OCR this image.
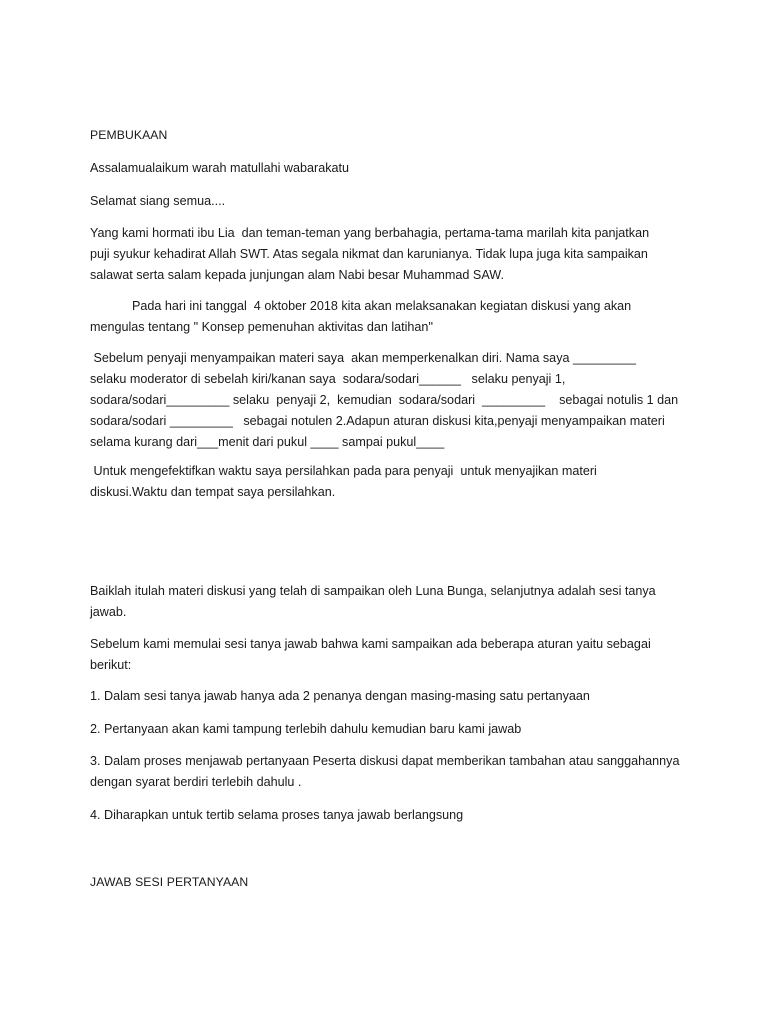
PEMBUKAAN

Assalamualaikum warah matullahi wabarakatu

Selamat siang semua....

Yang kami hormati ibu Lia  dan teman-teman yang berbahagia, pertama-tama marilah kita panjatkan
puji syukur kehadirat Allah SWT. Atas segala nikmat dan karunianya. Tidak lupa juga kita sampaikan
salawat serta salam kepada junjungan alam Nabi besar Muhammad SAW.
Pada hari ini tanggal  4 oktober 2018 kita akan melaksanakan kegiatan diskusi yang akan
mengulas tentang " Konsep pemenuhan aktivitas dan latihan"
Sebelum penyaji menyampaikan materi saya  akan memperkenalkan diri. Nama saya _________
selaku moderator di sebelah kiri/kanan saya  sodara/sodari______   selaku penyaji 1,
sodara/sodari_________ selaku  penyaji 2,  kemudian  sodara/sodari  _________    sebagai notulis 1 dan
sodara/sodari _________   sebagai notulen 2.Adapun aturan diskusi kita,penyaji menyampaikan materi
selama kurang dari___menit dari pukul ____ sampai pukul____
Untuk mengefektifkan waktu saya persilahkan pada para penyaji  untuk menyajikan materi
diskusi.Waktu dan tempat saya persilahkan.
Baiklah itulah materi diskusi yang telah di sampaikan oleh Luna Bunga, selanjutnya adalah sesi tanya
jawab.
Sebelum kami memulai sesi tanya jawab bahwa kami sampaikan ada beberapa aturan yaitu sebagai
berikut:

1. Dalam sesi tanya jawab hanya ada 2 penanya dengan masing-masing satu pertanyaan

2. Pertanyaan akan kami tampung terlebih dahulu kemudian baru kami jawab

3. Dalam proses menjawab pertanyaan Peserta diskusi dapat memberikan tambahan atau sanggahannya
dengan syarat berdiri terlebih dahulu .

4. Diharapkan untuk tertib selama proses tanya jawab berlangsung

JAWAB SESI PERTANYAAN
